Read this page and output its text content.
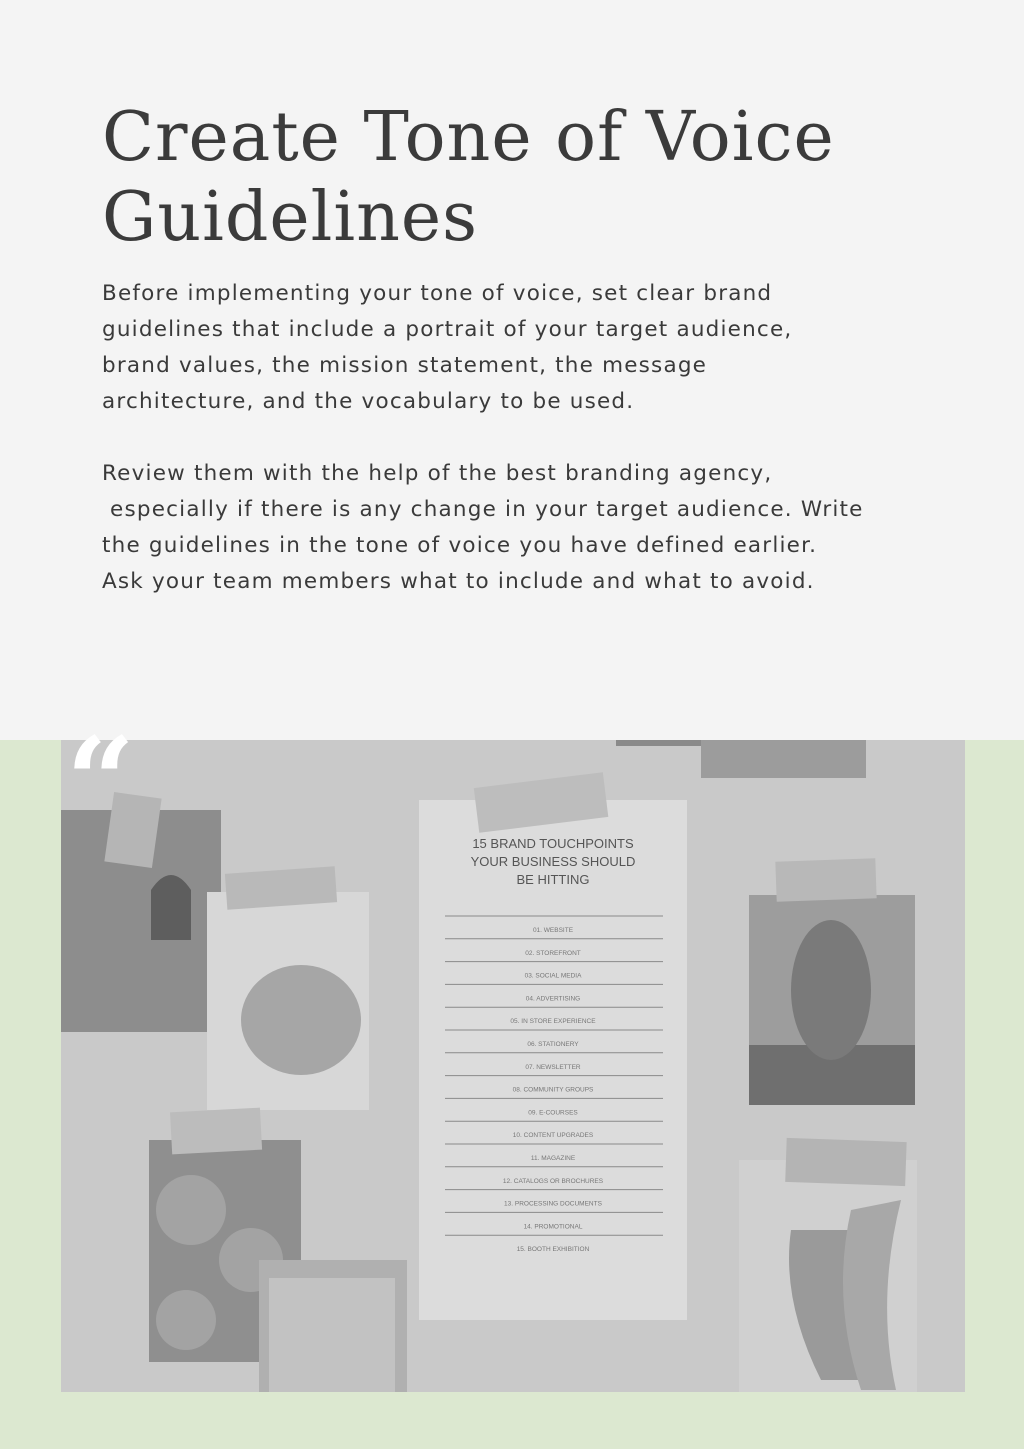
Create Tone of Voice
Guidelines

Before implementing your tone of voice, set clear brand
guidelines that include a portrait of your target audience,
brand values, the mission statement, the message
architecture, and the vocabulary to be used.

Review them with the help of the best branding agency,
especially if there is any change in your target audience. Write
the guidelines in the tone of voice you have defined earlier.
Ask your team members what to include and what to avoid.

15 BRAND TOUCHPOINTS
YOUR BUSINESS SHOULD
BE HITTING
01. WEBSITE
02. STOREFRONT
03. SOCIAL MEDIA
04. ADVERTISING
05. IN STORE EXPERIENCE
06. STATIONERY
07. NEWSLETTER
08. COMMUNITY GROUPS
09. E-COURSES
10. CONTENT UPGRADES
11. MAGAZINE
12. CATALOGS OR BROCHURES
13. PROCESSING DOCUMENTS
14. PROMOTIONAL
15. BOOTH EXHIBITION
“
